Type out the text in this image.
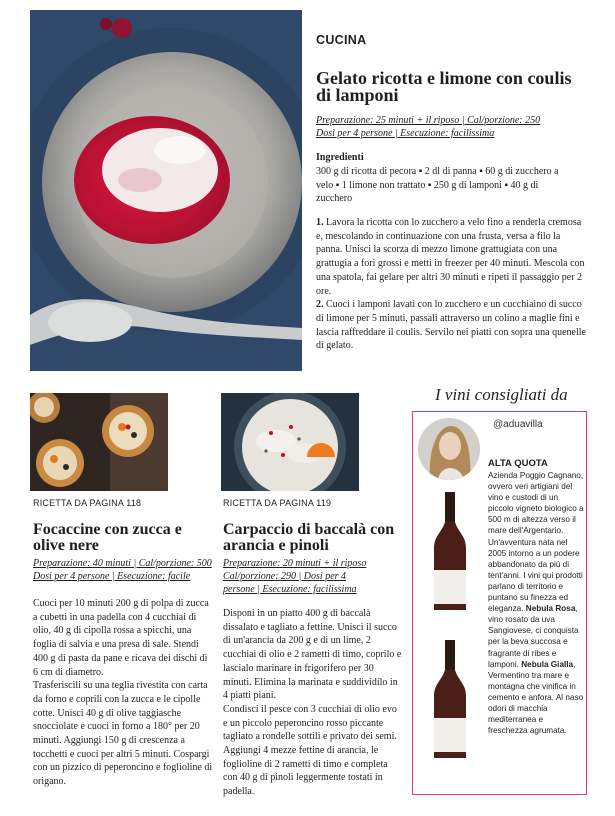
CUCINA
Gelato ricotta e limone con coulis di lamponi
Preparazione: 25 minuti + il riposo | Cal/porzione: 250
Dosi per 4 persone | Esecuzione: facilissima
Ingredienti
300 g di ricotta di pecora ▪ 2 dl di panna ▪ 60 g di zucchero a velo ▪ 1 limone non trattato ▪ 250 g di lamponi ▪ 40 g di zucchero
1. Lavora la ricotta con lo zucchero a velo fino a renderla cremosa e, mescolando in continuazione con una frusta, versa a filo la panna. Unisci la scorza di mezzo limone grattugiata con una grattugia a fori grossi e metti in freezer per 40 minuti. Mescola con una spatola, fai gelare per altri 30 minuti e ripeti il passaggio per 2 ore.
2. Cuoci i lamponi lavati con lo zucchero e un cucchiaino di succo di limone per 5 minuti, passali attraverso un colino a maglie fini e lascia raffreddare il coulis. Servilo nei piatti con sopra una quenelle di gelato.
RICETTA DA PAGINA 118
Focaccine con zucca e olive nere
Preparazione: 40 minuti | Cal/porzione: 500
Dosi per 4 persone | Esecuzione: facile
Cuoci per 10 minuti 200 g di polpa di zucca a cubetti in una padella con 4 cucchiai di olio, 40 g di cipolla rossa a spicchi, una foglia di salvia e una presa di sale. Stendi 400 g di pasta da pane e ricava dei dischi di 6 cm di diametro.
Trasferiscili su una teglia rivestita con carta da forno e coprili con la zucca e le cipolle cotte. Unisci 40 g di olive taggiasche snocciolate e cuoci in forno a 180° per 20 minuti. Aggiungi 150 g di crescenza a tocchetti e cuoci per altri 5 minuti. Cospargi con un pizzico di peperoncino e foglioline di origano.
RICETTA DA PAGINA 119
Carpaccio di baccalà con arancia e pinoli
Preparazione: 20 minuti + il riposo
Cal/porzione: 290 | Dosi per 4
persone | Esecuzione: facilissima
Disponi in un piatto 400 g di baccalà dissalato e tagliato a fettine. Unisci il succo di un'arancia da 200 g e di un lime, 2 cucchiai di olio e 2 rametti di timo, coprilo e lascialo marinare in frigorifero per 30 minuti. Elimina la marinata e suddividilo in 4 piatti piani.
Condisci il pesce con 3 cucchiai di olio evo e un piccolo peperoncino rosso piccante tagliato a rondelle sottili e privato dei semi. Aggiungi 4 mezze fettine di arancia, le foglioline di 2 rametti di timo e completa con 40 g di pinoli leggermente tostati in padella.
I vini consigliati da
@aduavilla
ALTA QUOTA
Azienda Poggio Cagnano, ovvero veri artigiani del vino e custodi di un piccolo vigneto biologico a 500 m di altezza verso il mare dell'Argentario. Un'avventura nata nel 2005 intorno a un podere abbandonato da più di tent'anni. I vini qui prodotti parlano di territorio e puntano su finezza ed eleganza. Nebula Rosa, vino rosato da uva Sangiovese, ci conquista per la beva succosa e fragrante di ribes e lamponi. Nebula Gialla, Vermentino tra mare e montagna che vinifica in cemento e anfora. Al naso odori di macchia mediterranea e freschezza agrumata.
